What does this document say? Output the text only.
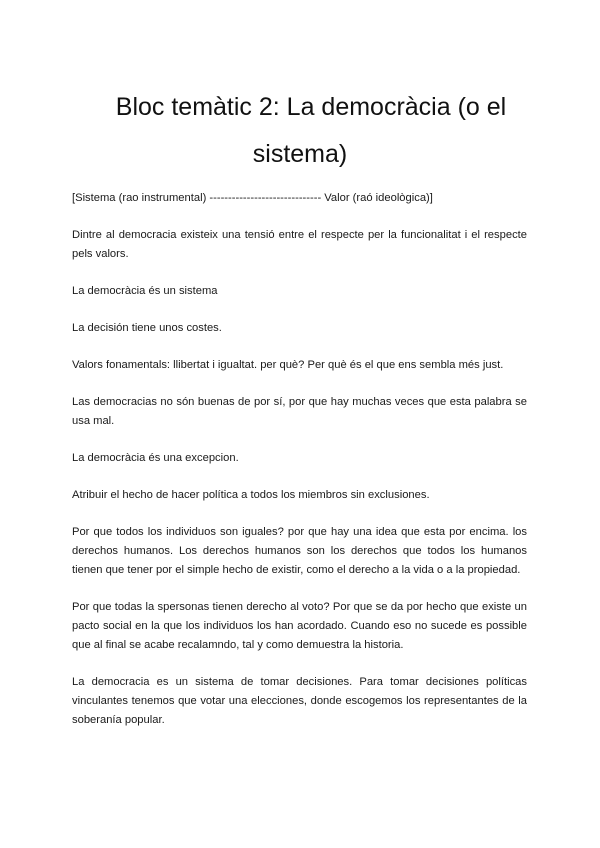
Bloc temàtic 2: La democràcia (o el sistema)

[Sistema (rao instrumental) ------------------------------ Valor (raó ideològica)]

Dintre al democracia existeix una tensió entre el respecte per la funcionalitat i el respecte pels valors.

La democràcia és un sistema

La decisión tiene unos costes.

Valors fonamentals: llibertat i igualtat. per què? Per què és el que ens sembla més just.

Las democracias no són buenas de por sí, por que hay muchas veces que esta palabra se usa mal.

La democràcia és una excepcion.

Atribuir el hecho de hacer política a todos los miembros sin exclusiones.

Por que todos los individuos son iguales? por que hay una idea que esta por encima. los derechos humanos. Los derechos humanos son los derechos que todos los humanos tienen que tener por el simple hecho de existir, como el derecho a la vida o a la propiedad.

Por que todas la spersonas tienen derecho al voto? Por que se da por hecho que existe un pacto social en la que los individuos los han acordado. Cuando eso no sucede es possible que al final se acabe recalamndo, tal y como demuestra la historia.

La democracia es un sistema de tomar decisiones. Para tomar decisiones políticas vinculantes tenemos que votar una elecciones, donde escogemos los representantes de la soberanía popular.
